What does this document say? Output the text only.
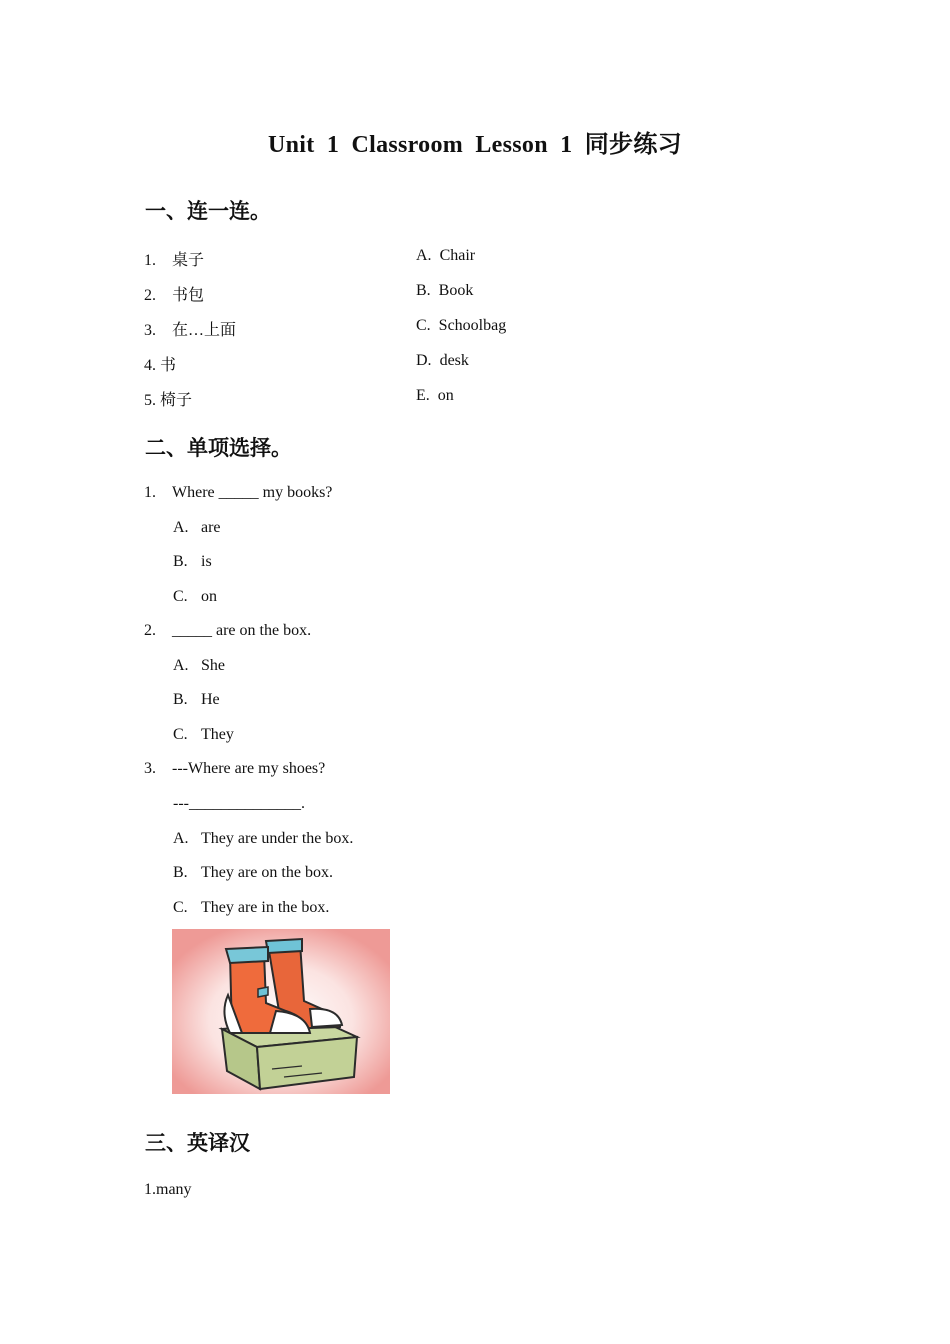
Unit 1 Classroom Lesson 1 同步练习
一、连一连。
1. 桌子
2. 书包
3. 在…上面
4. 书
5. 椅子
A. Chair
B. Book
C. Schoolbag
D. desk
E. on
二、单项选择。
1. Where _____ my books?
A. are
B. is
C. on
2. _____ are on the box.
A. She
B. He
C. They
3. ---Where are my shoes?
---______________.
A. They are under the box.
B. They are on the box.
C. They are in the box.
三、英译汉
1.many
